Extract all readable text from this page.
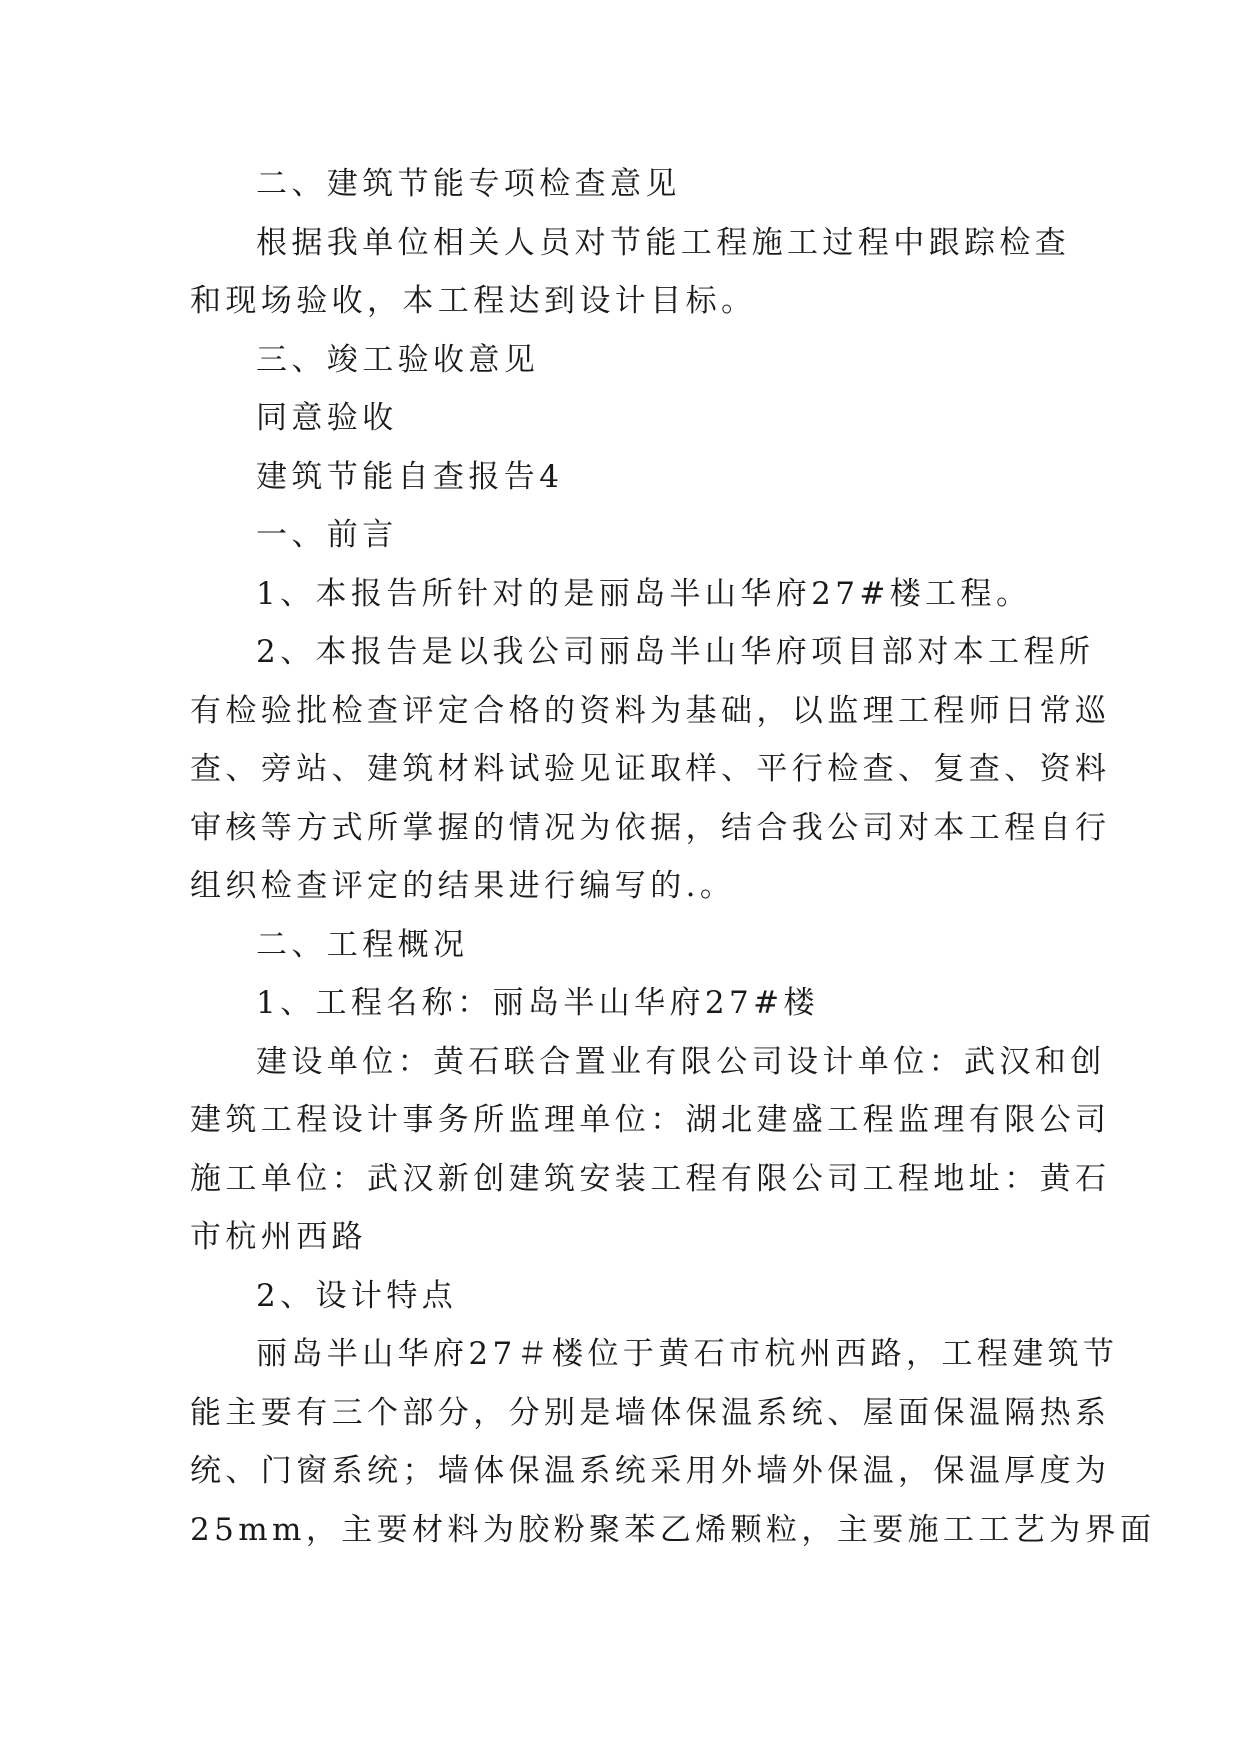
二、建筑节能专项检查意见
根据我单位相关人员对节能工程施工过程中跟踪检查
和现场验收，本工程达到设计目标。
三、竣工验收意见
同意验收
建筑节能自查报告4
一、前言
1、本报告所针对的是丽岛半山华府27#楼工程。
2、本报告是以我公司丽岛半山华府项目部对本工程所
有检验批检查评定合格的资料为基础，以监理工程师日常巡
查、旁站、建筑材料试验见证取样、平行检查、复查、资料
审核等方式所掌握的情况为依据，结合我公司对本工程自行
组织检查评定的结果进行编写的.。
二、工程概况
1、工程名称：丽岛半山华府27#楼
建设单位：黄石联合置业有限公司设计单位：武汉和创
建筑工程设计事务所监理单位：湖北建盛工程监理有限公司
施工单位：武汉新创建筑安装工程有限公司工程地址：黄石
市杭州西路
2、设计特点
丽岛半山华府27＃楼位于黄石市杭州西路，工程建筑节
能主要有三个部分，分别是墙体保温系统、屋面保温隔热系
统、门窗系统；墙体保温系统采用外墙外保温，保温厚度为
25mm，主要材料为胶粉聚苯乙烯颗粒，主要施工工艺为界面
